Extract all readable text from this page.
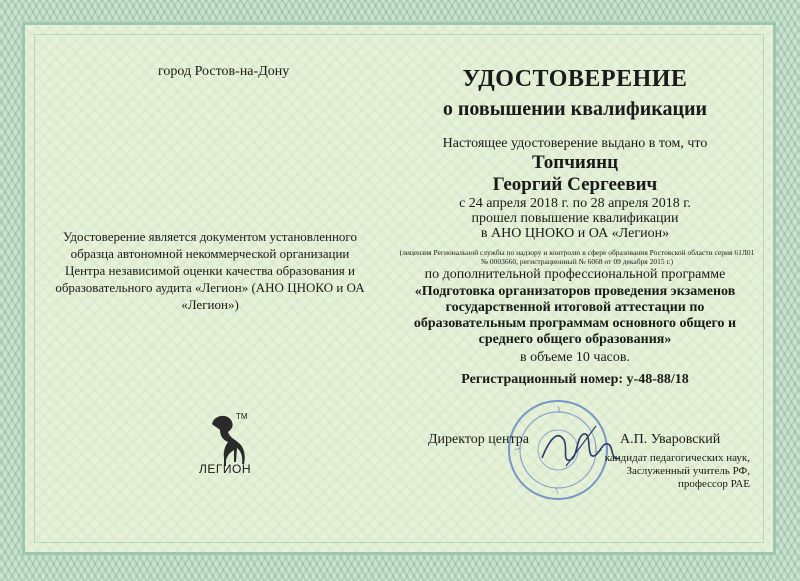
город Ростов-на-Дону
Удостоверение является документом установленного образца автономной некоммерческой организации Центра независимой оценки качества образования и образовательного аудита «Легион» (АНО ЦНОКО и ОА «Легион»)
TM
ЛЕГИОН
УДОСТОВЕРЕНИЕ
о повышении квалификации
Настоящее удостоверение выдано в том, что
Топчиянц
Георгий Сергеевич
с 24 апреля 2018 г. по 28 апреля 2018 г.
прошел повышение квалификации
в АНО ЦНОКО и ОА «Легион»
(лицензия Региональной службы по надзору и контролю в сфере образования Ростовской области серия 61Л01 № 0003660, регистрационный № 6068 от 09 декабря 2015 г.)
по дополнительной профессиональной программе
«Подготовка организаторов проведения экзаменов государственной итоговой аттестации по образовательным программам основного общего и среднего общего образования»
в объеме 10 часов.
Регистрационный номер: у-48-88/18
Директор центра	А.П. Уваровский
кандидат педагогических наук, Заслуженный учитель РФ, профессор РАЕ
